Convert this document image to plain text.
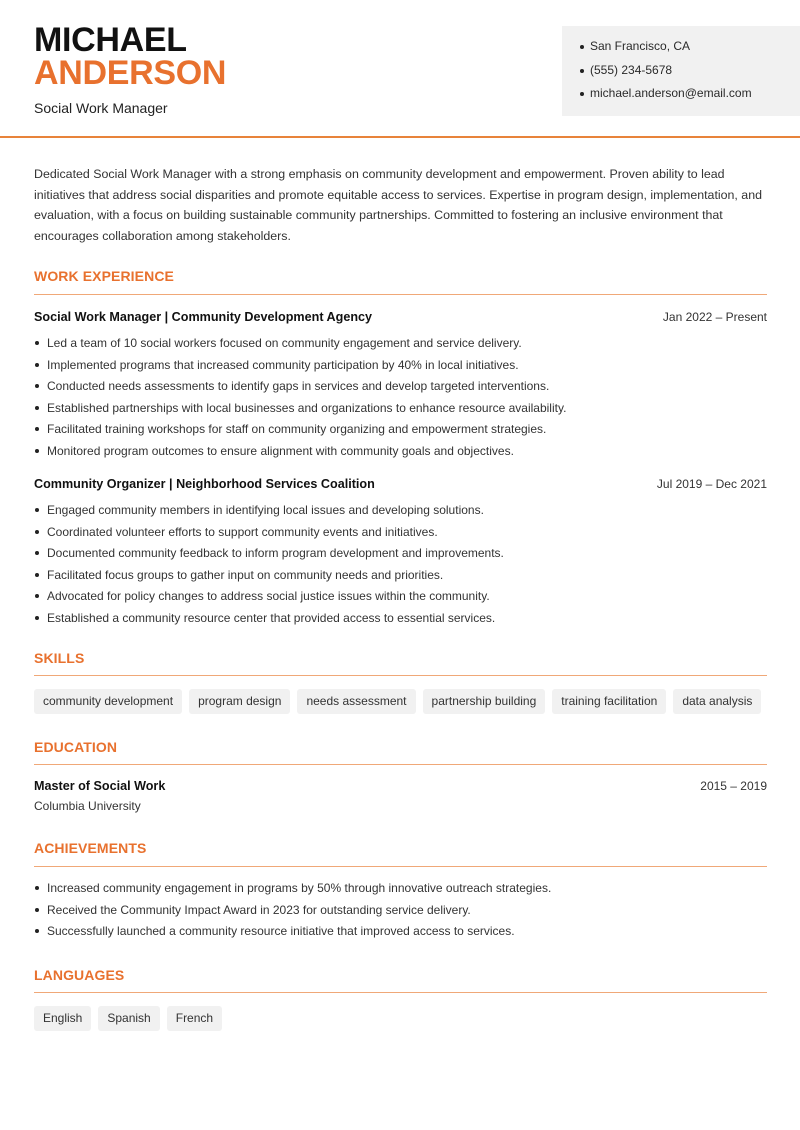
MICHAEL
ANDERSON
Social Work Manager
San Francisco, CA
(555) 234-5678
michael.anderson@email.com

Dedicated Social Work Manager with a strong emphasis on community development and empowerment. Proven ability to lead initiatives that address social disparities and promote equitable access to services. Expertise in program design, implementation, and evaluation, with a focus on building sustainable community partnerships. Committed to fostering an inclusive environment that encourages collaboration among stakeholders.

WORK EXPERIENCE
Social Work Manager | Community Development Agency	Jan 2022 – Present
Led a team of 10 social workers focused on community engagement and service delivery.
Implemented programs that increased community participation by 40% in local initiatives.
Conducted needs assessments to identify gaps in services and develop targeted interventions.
Established partnerships with local businesses and organizations to enhance resource availability.
Facilitated training workshops for staff on community organizing and empowerment strategies.
Monitored program outcomes to ensure alignment with community goals and objectives.
Community Organizer | Neighborhood Services Coalition	Jul 2019 – Dec 2021
Engaged community members in identifying local issues and developing solutions.
Coordinated volunteer efforts to support community events and initiatives.
Documented community feedback to inform program development and improvements.
Facilitated focus groups to gather input on community needs and priorities.
Advocated for policy changes to address social justice issues within the community.
Established a community resource center that provided access to essential services.
SKILLS
community development	program design	needs assessment	partnership building	training facilitation	data analysis
EDUCATION
Master of Social Work	2015 – 2019
Columbia University
ACHIEVEMENTS
Increased community engagement in programs by 50% through innovative outreach strategies.
Received the Community Impact Award in 2023 for outstanding service delivery.
Successfully launched a community resource initiative that improved access to services.
LANGUAGES
English	Spanish	French
